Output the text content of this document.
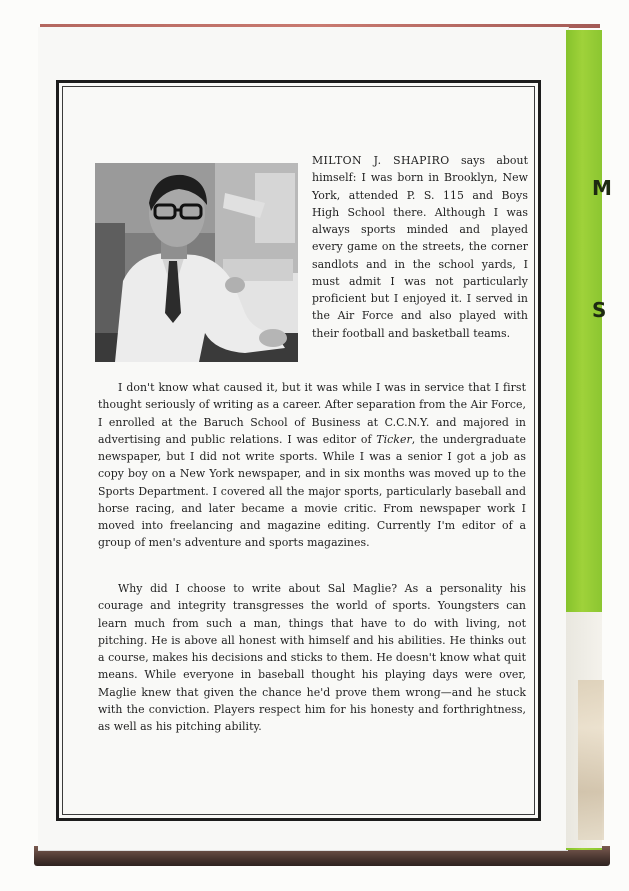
M
S
MILTON J. SHAPIRO says about himself: I was born in Brooklyn, New York, attended P. S. 115 and Boys High School there. Although I was always sports minded and played every game on the streets, the corner sandlots and in the school yards, I must admit I was not particularly proficient but I enjoyed it. I served in the Air Force and also played with their football and basketball teams.
I don't know what caused it, but it was while I was in service that I first thought seriously of writing as a career. After separation from the Air Force, I enrolled at the Baruch School of Business at C.C.N.Y. and majored in advertising and public relations. I was editor of Ticker, the undergraduate newspaper, but I did not write sports. While I was a senior I got a job as copy boy on a New York newspaper, and in six months was moved up to the Sports Department. I covered all the major sports, particularly baseball and horse racing, and later became a movie critic. From newspaper work I moved into freelancing and magazine editing. Currently I'm editor of a group of men's adventure and sports magazines.
Why did I choose to write about Sal Maglie? As a personality his courage and integrity transgresses the world of sports. Youngsters can learn much from such a man, things that have to do with living, not pitching. He is above all honest with himself and his abilities. He thinks out a course, makes his decisions and sticks to them. He doesn't know what quit means. While everyone in baseball thought his playing days were over, Maglie knew that given the chance he'd prove them wrong—and he stuck with the conviction. Players respect him for his honesty and forthrightness, as well as his pitching ability.
